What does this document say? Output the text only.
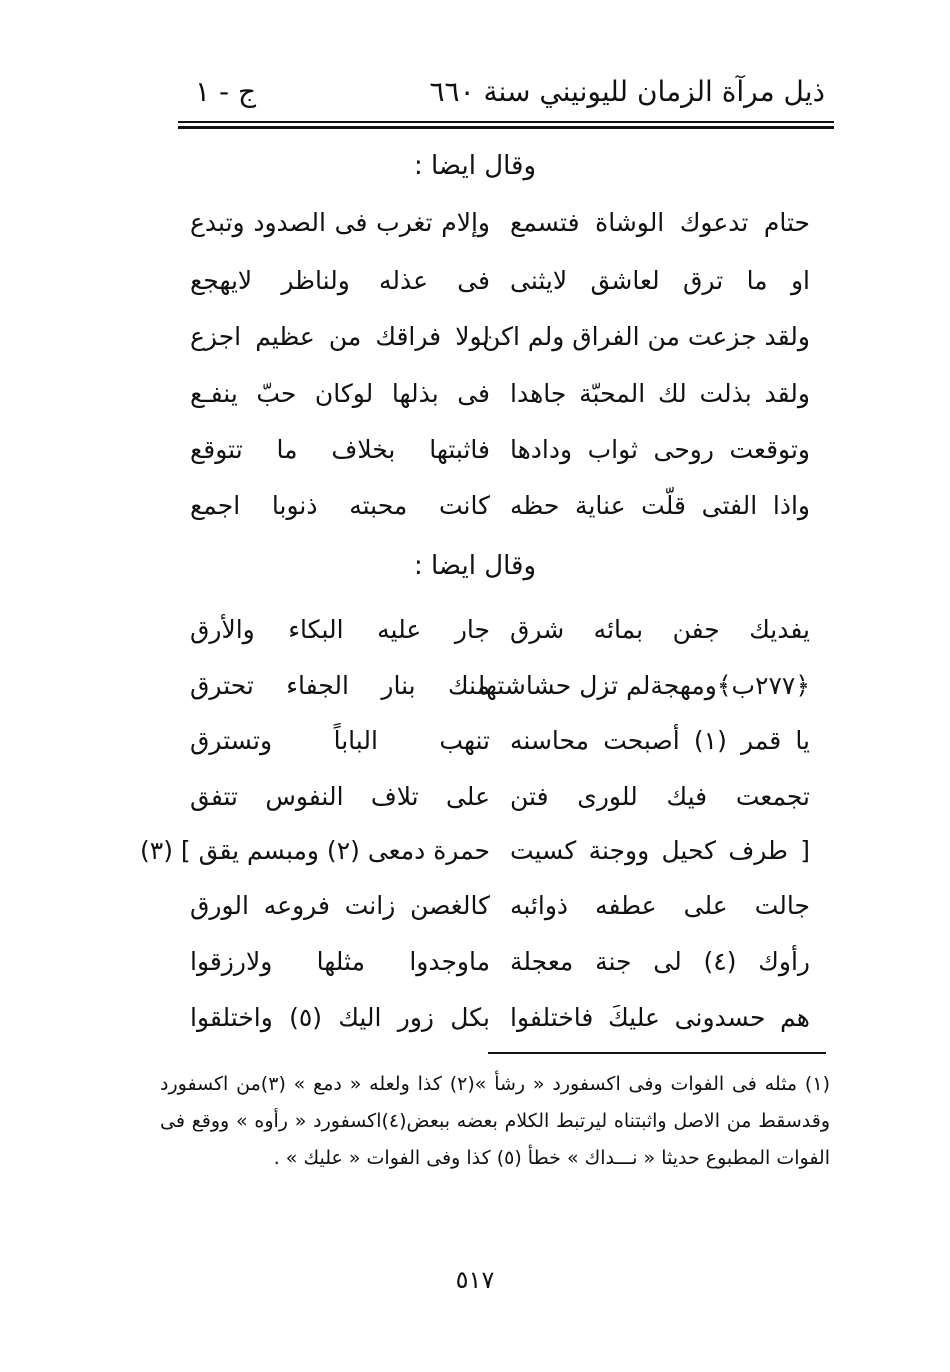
ذيل مرآة الزمان لليونيني سنة ٦٦٠
ج - ١
وقال ايضا :
حتام تدعوك الوشاة فتسمع
وإلام تغرب فى الصدود وتبدع
او ما ترق لعاشق لايثنى
فى عذله ولناظر لايهجع
ولقد جزعت من الفراق ولم اكن
لولا فراقك من عظيم اجزع
ولقد بذلت لك المحبّة جاهدا
فى بذلها لوكان حبّ ينفـع
وتوقعت روحى ثواب ودادها
فاثبتها بخلاف ما تتوقع
واذا الفتى قلّت عناية حظه
كانت محبته ذنوبا اجمع
وقال ايضا :
يفديك جفن بمائه شرق
جار عليه البكاء والأرق
﴿٢٧٧ب﴾ومهجةلم تزل حشاشتها
منك بنار الجفاء تحترق
يا قمر (١) أصبحت محاسنه
تنهب الباباً وتسترق
تجمعت فيك للورى فتن
على تلاف النفوس تتفق
[ طرف كحيل ووجنة كسيت
حمرة دمعى (٢) ومبسم يقق ] (٣)
جالت على عطفه ذوائبه
كالغصن زانت فروعه الورق
رأوك (٤) لى جنة معجلة
ماوجدوا مثلها ولارزقوا
هم حسدونى عليكَ فاختلفوا
بكل زور اليك (٥) واختلقوا

(١) مثله فى الفوات وفى اكسفورد « رشأ »(٢) كذا ولعله « دمع » (٣)من اكسفورد وقدسقط من الاصل واثبتناه ليرتبط الكلام بعضه ببعض(٤)اكسفورد « رأوه » ووقع فى الفوات المطبوع حديثا « نـــداك » خطأ (٥) كذا وفى الفوات « عليك » .

٥١٧
